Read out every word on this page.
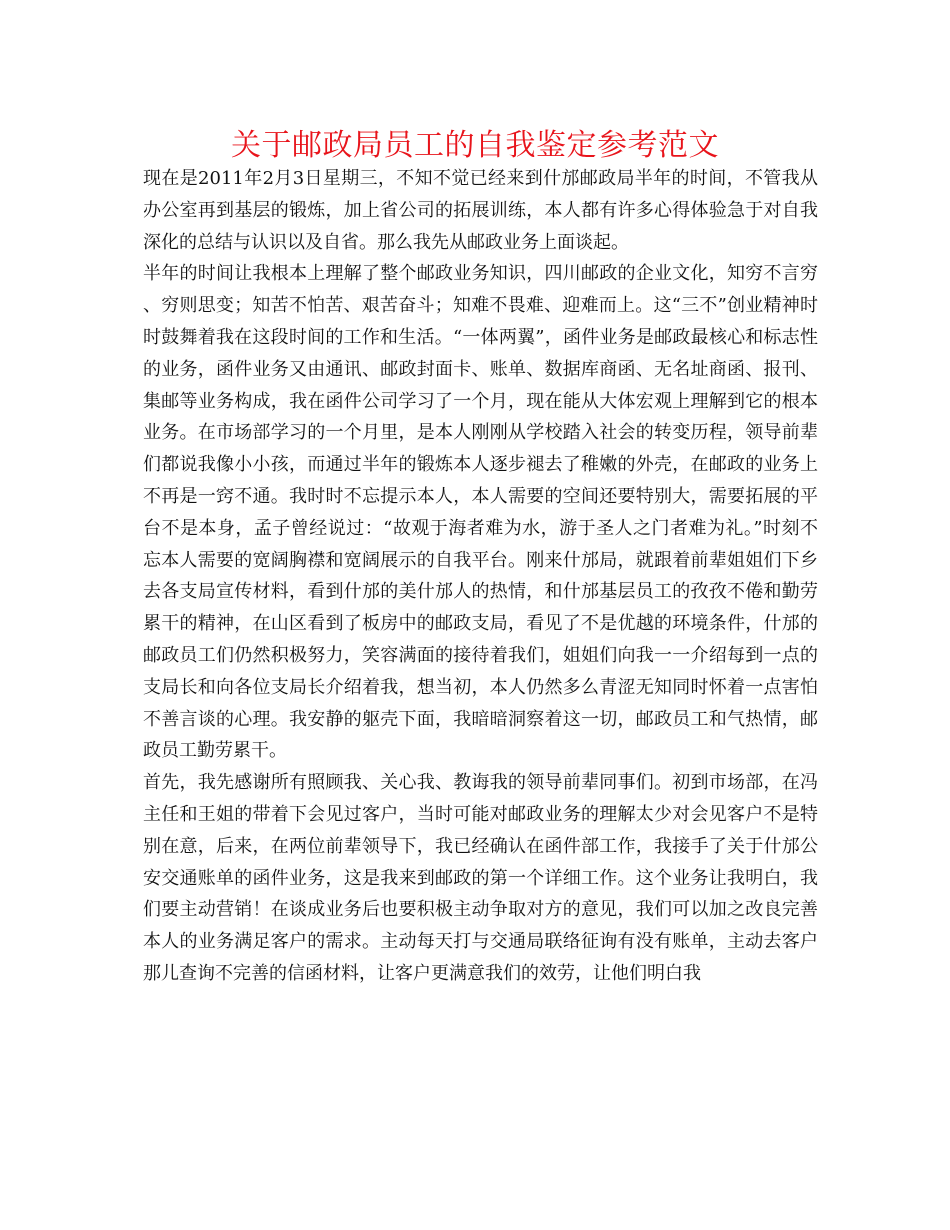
关于邮政局员工的自我鉴定参考范文

现在是2011年2月3日星期三，不知不觉已经来到什邡邮政局半年的时间，不管我从办公室再到基层的锻炼，加上省公司的拓展训练，本人都有许多心得体验急于对自我深化的总结与认识以及自省。那么我先从邮政业务上面谈起。

半年的时间让我根本上理解了整个邮政业务知识，四川邮政的企业文化，知穷不言穷、穷则思变；知苦不怕苦、艰苦奋斗；知难不畏难、迎难而上。这“三不”创业精神时时鼓舞着我在这段时间的工作和生活。“一体两翼”，函件业务是邮政最核心和标志性的业务，函件业务又由通讯、邮政封面卡、账单、数据库商函、无名址商函、报刊、集邮等业务构成，我在函件公司学习了一个月，现在能从大体宏观上理解到它的根本业务。在市场部学习的一个月里，是本人刚刚从学校踏入社会的转变历程，领导前辈们都说我像小小孩，而通过半年的锻炼本人逐步褪去了稚嫩的外壳，在邮政的业务上不再是一窍不通。我时时不忘提示本人，本人需要的空间还要特别大，需要拓展的平台不是本身，孟子曾经说过：“故观于海者难为水，游于圣人之门者难为礼。”时刻不忘本人需要的宽阔胸襟和宽阔展示的自我平台。刚来什邡局，就跟着前辈姐姐们下乡去各支局宣传材料，看到什邡的美什邡人的热情，和什邡基层员工的孜孜不倦和勤劳累干的精神，在山区看到了板房中的邮政支局，看见了不是优越的环境条件，什邡的邮政员工们仍然积极努力，笑容满面的接待着我们，姐姐们向我一一介绍每到一点的支局长和向各位支局长介绍着我，想当初，本人仍然多么青涩无知同时怀着一点害怕不善言谈的心理。我安静的躯壳下面，我暗暗洞察着这一切，邮政员工和气热情，邮政员工勤劳累干。

首先，我先感谢所有照顾我、关心我、教诲我的领导前辈同事们。初到市场部，在冯主任和王姐的带着下会见过客户，当时可能对邮政业务的理解太少对会见客户不是特别在意，后来，在两位前辈领导下，我已经确认在函件部工作，我接手了关于什邡公安交通账单的函件业务，这是我来到邮政的第一个详细工作。这个业务让我明白，我们要主动营销！在谈成业务后也要积极主动争取对方的意见，我们可以加之改良完善本人的业务满足客户的需求。主动每天打与交通局联络征询有没有账单，主动去客户那儿查询不完善的信函材料，让客户更满意我们的效劳，让他们明白我
